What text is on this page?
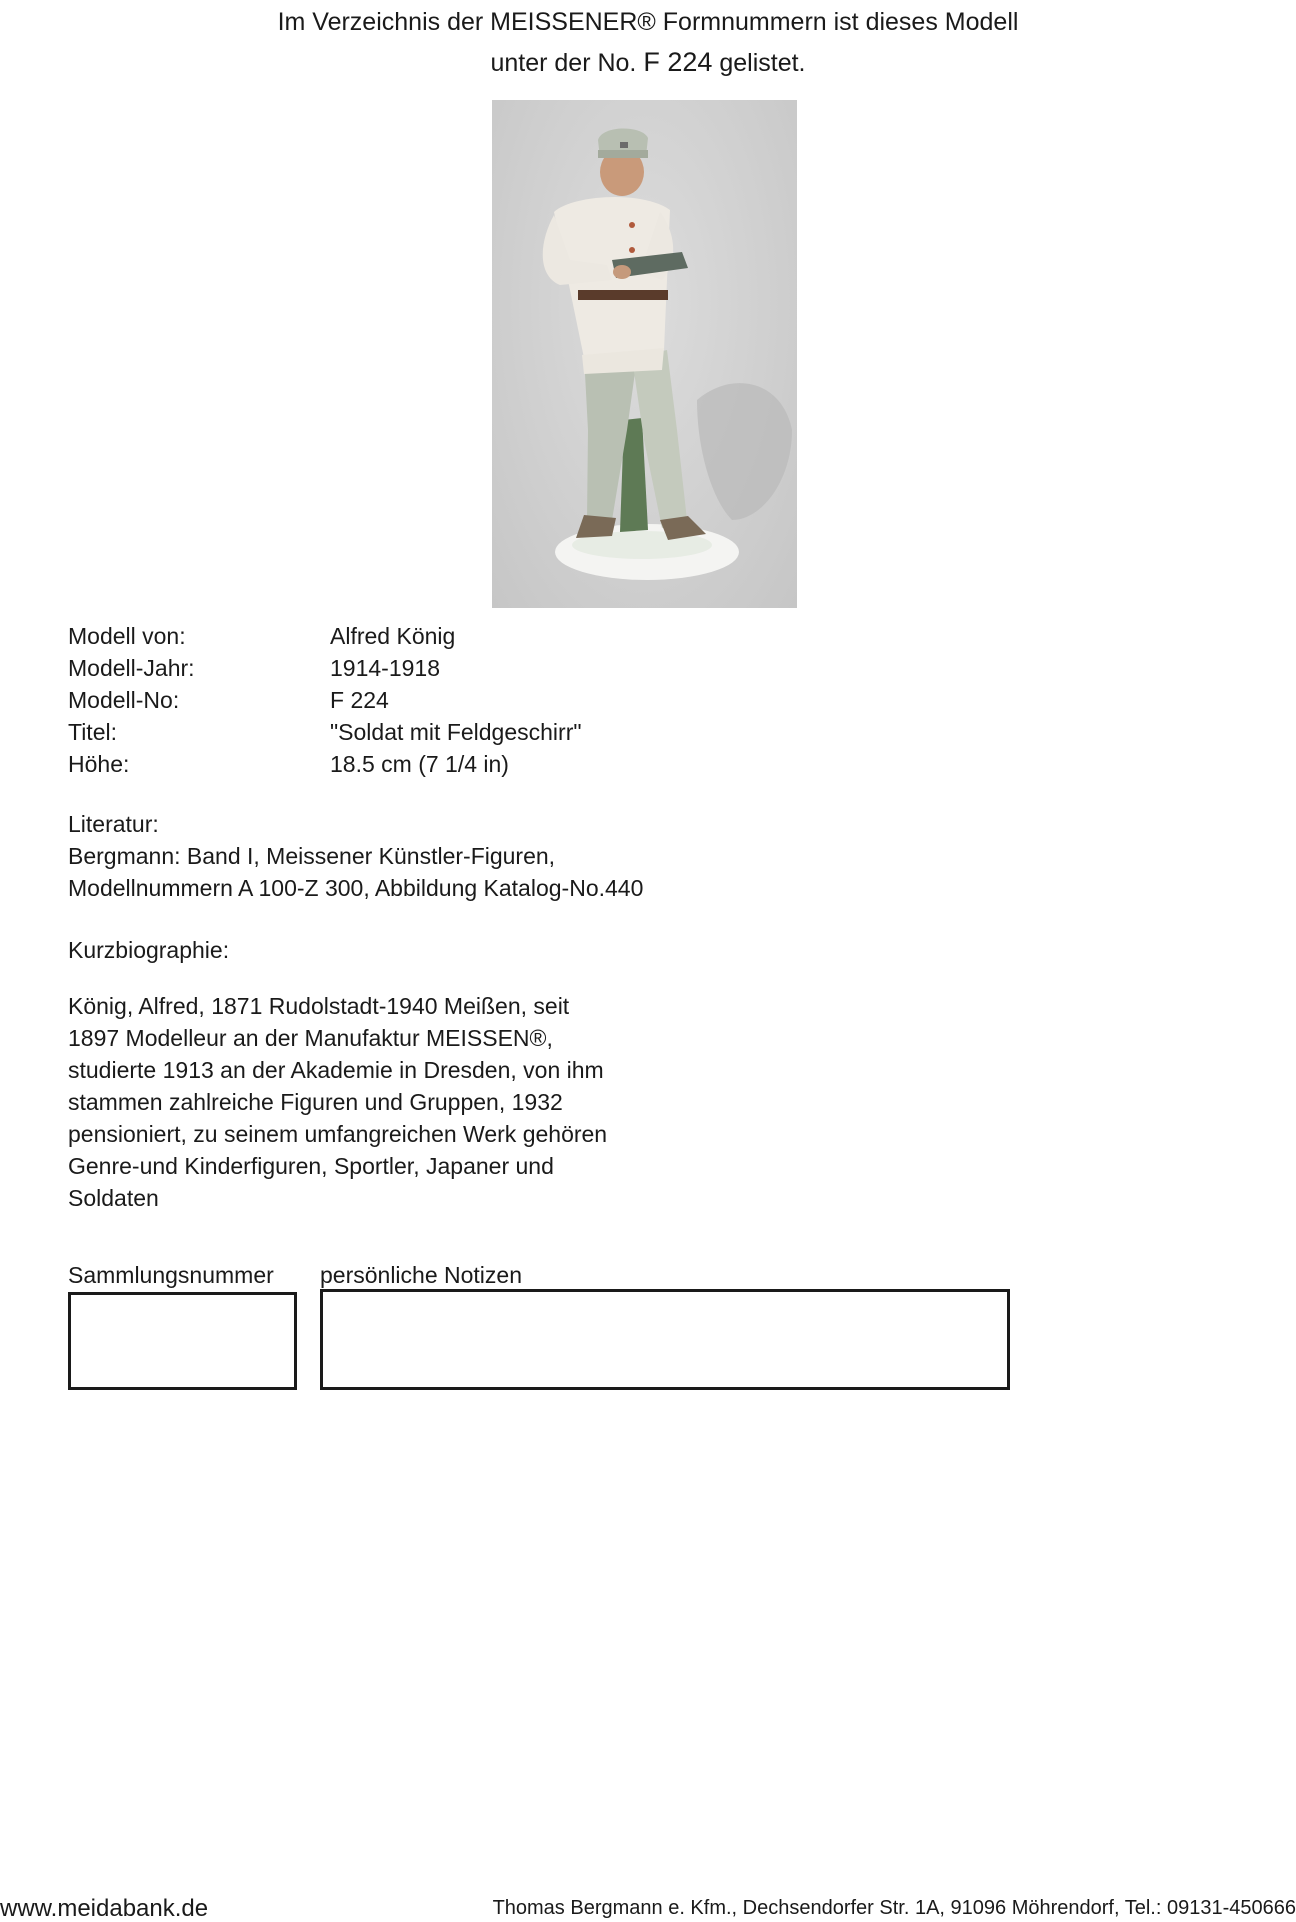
Im Verzeichnis der MEISSENER® Formnummern ist dieses Modell
unter der No. F 224 gelistet.
Modell von:	Alfred König
Modell-Jahr:	1914-1918
Modell-No:	F 224
Titel:	"Soldat mit Feldgeschirr"
Höhe:	18.5 cm (7 1/4 in)
Literatur:
Bergmann: Band I, Meissener Künstler-Figuren,
Modellnummern A 100-Z 300, Abbildung Katalog-No.440
Kurzbiographie:
König, Alfred, 1871 Rudolstadt-1940 Meißen, seit
1897 Modelleur an der Manufaktur MEISSEN®,
studierte 1913 an der Akademie in Dresden, von ihm
stammen zahlreiche Figuren und Gruppen, 1932
pensioniert, zu seinem umfangreichen Werk gehören
Genre-und Kinderfiguren, Sportler, Japaner und
Soldaten
Sammlungsnummer persönliche Notizen
www.meidabank.de	Thomas Bergmann e. Kfm., Dechsendorfer Str. 1A, 91096 Möhrendorf, Tel.: 09131-450666
